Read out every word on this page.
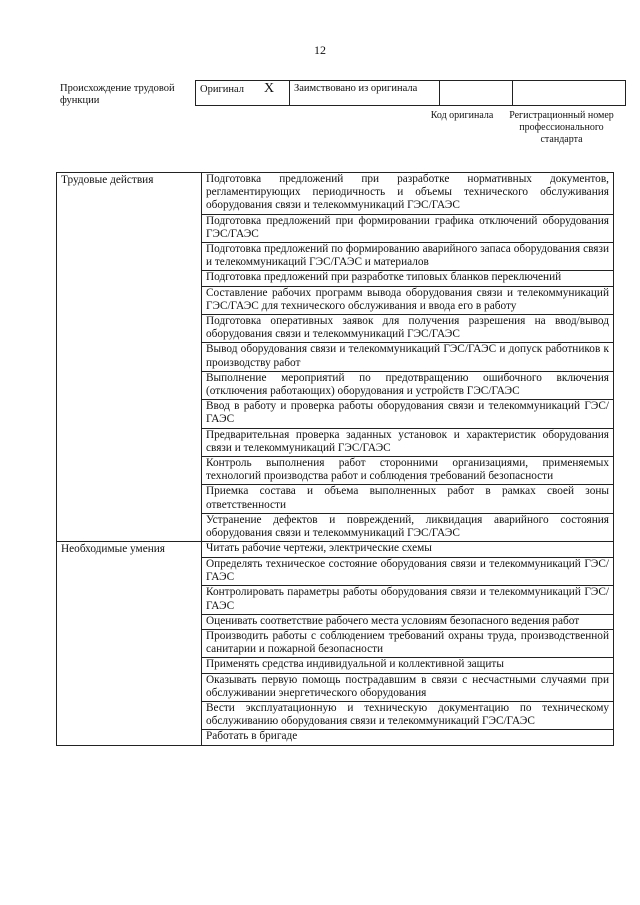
12
Происхождение трудовой функции
Оригинал X	Заимствовано из оригинала		
Код оригинала	Регистрационный номер профессионального стандарта
Трудовые действия	Подготовка предложений при разработке нормативных документов, регламентирующих периодичность и объемы технического обслуживания оборудования связи и телекоммуникаций ГЭС/ГАЭС
	Подготовка предложений при формировании графика отключений оборудования ГЭС/ГАЭС
	Подготовка предложений по формированию аварийного запаса оборудования связи и телекоммуникаций ГЭС/ГАЭС и материалов
	Подготовка предложений при разработке типовых бланков переключений
	Составление рабочих программ вывода оборудования связи и телекоммуникаций ГЭС/ГАЭС для технического обслуживания и ввода его в работу
	Подготовка оперативных заявок для получения разрешения на ввод/вывод оборудования связи и телекоммуникаций ГЭС/ГАЭС
	Вывод оборудования связи и телекоммуникаций ГЭС/ГАЭС и допуск работников к производству работ
	Выполнение мероприятий по предотвращению ошибочного включения (отключения работающих) оборудования и устройств ГЭС/ГАЭС
	Ввод в работу и проверка работы оборудования связи и телекоммуникаций ГЭС/ГАЭС
	Предварительная проверка заданных установок и характеристик оборудования связи и телекоммуникаций ГЭС/ГАЭС
	Контроль выполнения работ сторонними организациями, применяемых технологий производства работ и соблюдения требований безопасности
	Приемка состава и объема выполненных работ в рамках своей зоны ответственности
	Устранение дефектов и повреждений, ликвидация аварийного состояния оборудования связи и телекоммуникаций ГЭС/ГАЭС
Необходимые умения	Читать рабочие чертежи, электрические схемы
	Определять техническое состояние оборудования связи и телекоммуникаций ГЭС/ГАЭС
	Контролировать параметры работы оборудования связи и телекоммуникаций ГЭС/ГАЭС
	Оценивать соответствие рабочего места условиям безопасного ведения работ
	Производить работы с соблюдением требований охраны труда, производственной санитарии и пожарной безопасности
	Применять средства индивидуальной и коллективной защиты
	Оказывать первую помощь пострадавшим в связи с несчастными случаями при обслуживании энергетического оборудования
	Вести эксплуатационную и техническую документацию по техническому обслуживанию оборудования связи и телекоммуникаций ГЭС/ГАЭС
	Работать в бригаде
